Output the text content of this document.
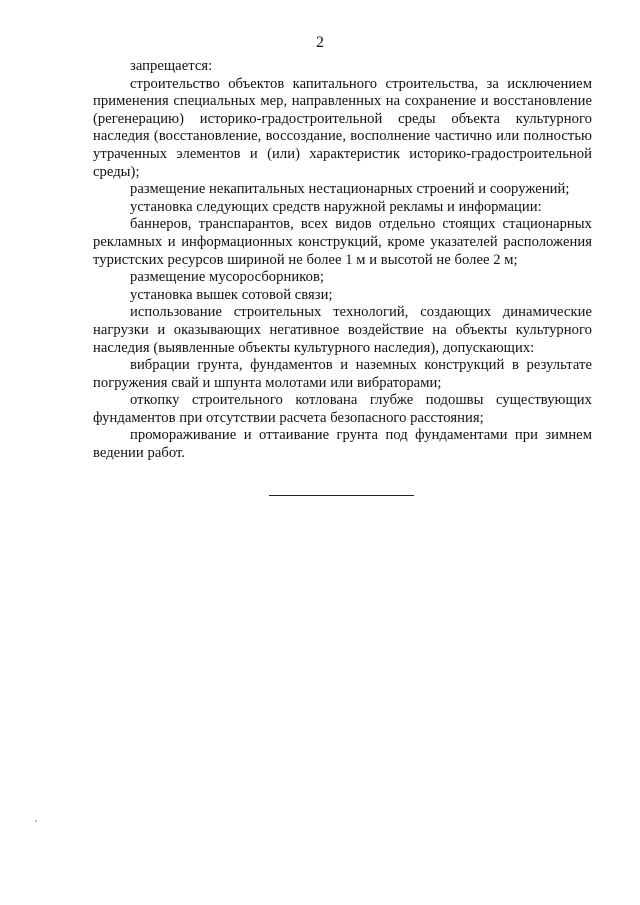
2

запрещается:

строительство объектов капитального строительства, за исключением применения специальных мер, направленных на сохранение и восстановление (регенерацию) историко-градостроительной среды объекта культурного наследия (восстановление, воссоздание, восполнение частично или полностью утраченных элементов и (или) характеристик историко-градостроительной среды);

размещение некапитальных нестационарных строений и сооружений;

установка следующих средств наружной рекламы и информации:

баннеров, транспарантов, всех видов отдельно стоящих стационарных рекламных и информационных конструкций, кроме указателей расположения туристских ресурсов шириной не более 1 м и высотой не более 2 м;

размещение мусоросборников;

установка вышек сотовой связи;

использование строительных технологий, создающих динамические нагрузки и оказывающих негативное воздействие на объекты культурного наследия (выявленные объекты культурного наследия), допускающих:

вибрации грунта, фундаментов и наземных конструкций в результате погружения свай и шпунта молотами или вибраторами;

откопку строительного котлована глубже подошвы существующих фундаментов при отсутствии расчета безопасного расстояния;

промораживание и оттаивание грунта под фундаментами при зимнем ведении работ.
